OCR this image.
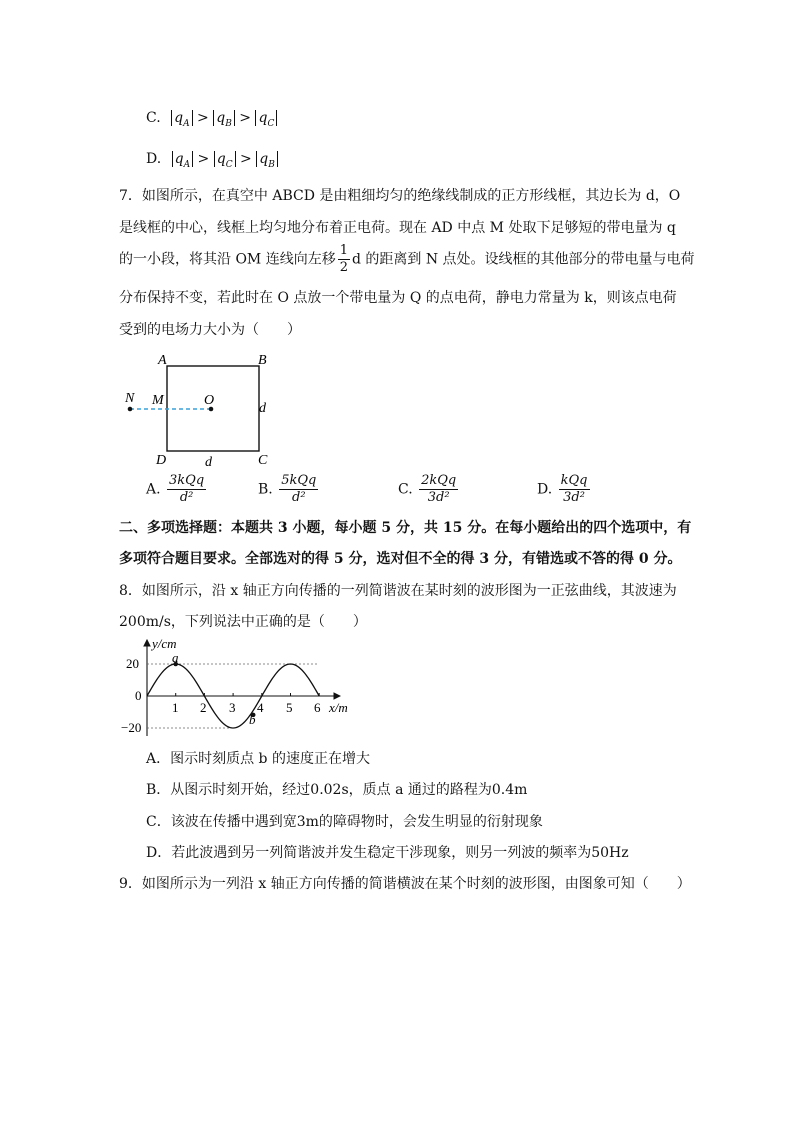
C. $q_A > q_B > q_C$
D. $q_A > q_C > q_B$
7．如图所示，在真空中 ABCD 是由粗细均匀的绝缘线制成的正方形线框，其边长为 d，O
是线框的中心，线框上均匀地分布着正电荷。现在 AD 中点 M 处取下足够短的带电量为 q
的一小段，将其沿 OM 连线向左移 $\frac{1}{2}$ d 的距离到 N 点处。设线框的其他部分的带电量与电荷
分布保持不变，若此时在 O 点放一个带电量为 Q 的点电荷，静电力常量为 k，则该点电荷
受到的电场力大小为（　　）
A	B
D	C
N M	O
d
d
A. $\frac{\text{3kQq}}{\text{d²}}$	B. $\frac{\text{5kQq}}{\text{d²}}$	C. $\frac{\text{2kQq}}{\text{3d²}}$	D. $\frac{\text{kQq}}{\text{3d²}}$
二、多项选择题：本题共 3 小题，每小题 5 分，共 15 分。在每小题给出的四个选项中，有
多项符合题目要求。全部选对的得 5 分，选对但不全的得 3 分，有错选或不答的得 0 分。
8．如图所示，沿 x 轴正方向传播的一列简谐波在某时刻的波形图为一正弦曲线，其波速为
200m/s，下列说法中正确的是（　　）
y/cm
x/m
20
0
−20
1 2 3 4 5 6
a
b
A．图示时刻质点 b 的速度正在增大
B．从图示时刻开始，经过0.02s，质点 a 通过的路程为0.4m
C．该波在传播中遇到宽3m的障碍物时，会发生明显的衍射现象
D．若此波遇到另一列简谐波并发生稳定干涉现象，则另一列波的频率为50Hz
9．如图所示为一列沿 x 轴正方向传播的简谐横波在某个时刻的波形图，由图象可知（　　）
